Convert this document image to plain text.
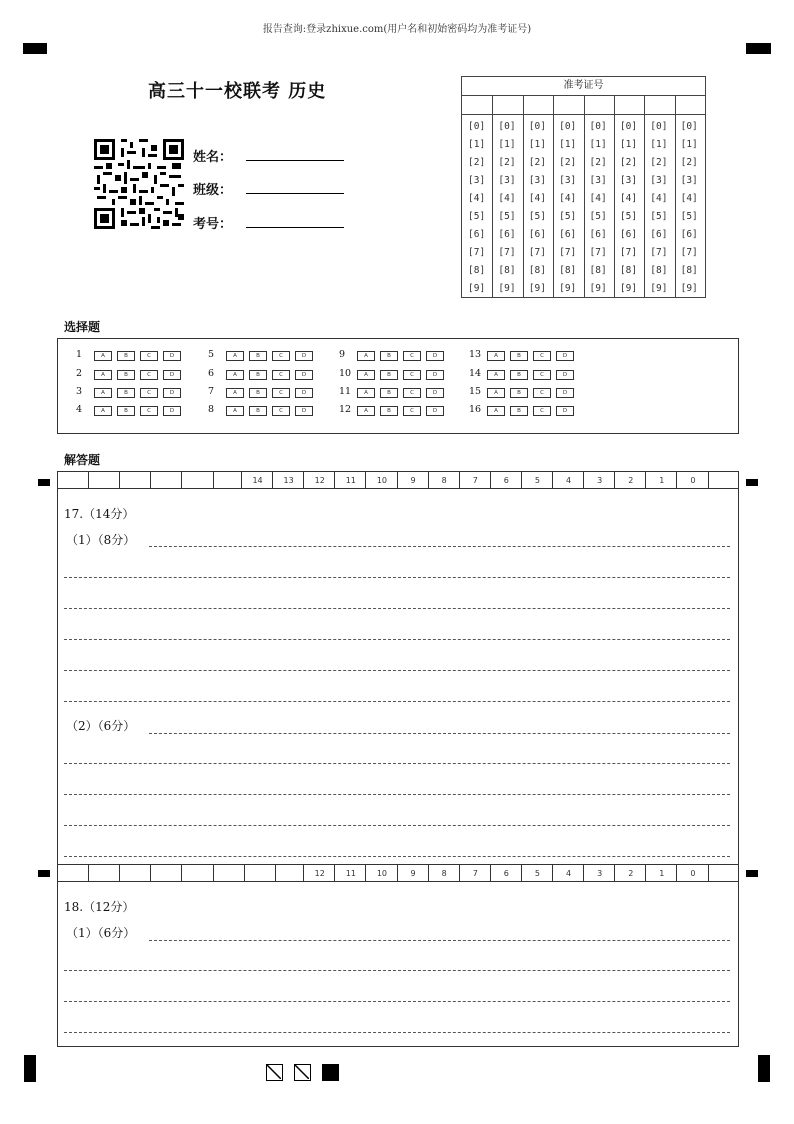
报告查询:登录zhixue.com(用户名和初始密码均为准考证号)
高三十一校联考 历史
姓名：
班级：
考号：
准考证号
[0] [0] [0] [0] [0] [0] [0] [0]
[1] [1] [1] [1] [1] [1] [1] [1]
[2] [2] [2] [2] [2] [2] [2] [2]
[3] [3] [3] [3] [3] [3] [3] [3]
[4] [4] [4] [4] [4] [4] [4] [4]
[5] [5] [5] [5] [5] [5] [5] [5]
[6] [6] [6] [6] [6] [6] [6] [6]
[7] [7] [7] [7] [7] [7] [7] [7]
[8] [8] [8] [8] [8] [8] [8] [8]
[9] [9] [9] [9] [9] [9] [9] [9]
选择题
1	A	B	C	D
2	A	B	C	D
3	A	B	C	D
4	A	B	C	D
5	A	B	C	D
6	A	B	C	D
7	A	B	C	D
8	A	B	C	D
9	A	B	C	D
10	A	B	C	D
11	A	B	C	D
12	A	B	C	D
13	A	B	C	D
14	A	B	C	D
15	A	B	C	D
16	A	B	C	D
解答题
14	13	12	11	10	9	8	7	6	5	4	3	2	1	0
12	11	10	9	8	7	6	5	4	3	2	1	0
17.（14分）
（1）（8分）
（2）（6分）
18.（12分）
（1）（6分）
